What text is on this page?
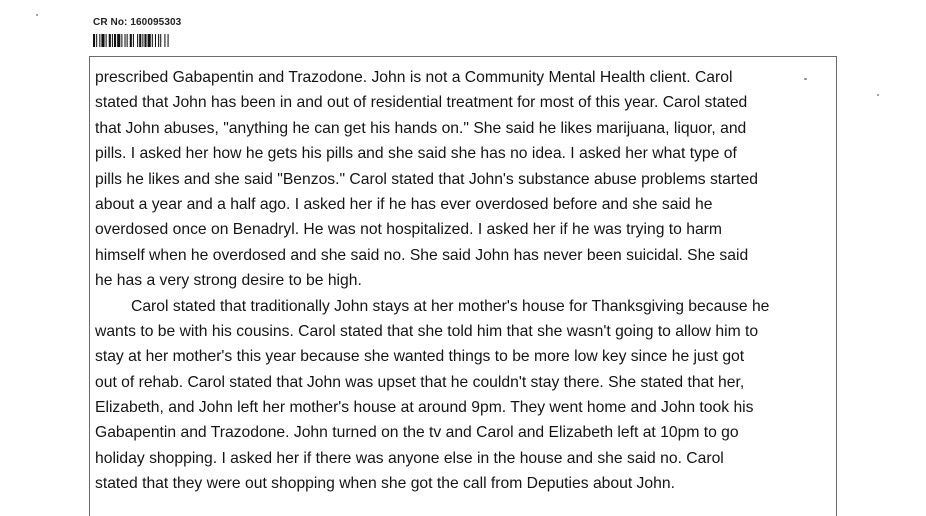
CR No: 160095303
prescribed Gabapentin and Trazodone. John is not a Community Mental Health client. Carol
stated that John has been in and out of residential treatment for most of this year. Carol stated
that John abuses, "anything he can get his hands on." She said he likes marijuana, liquor, and
pills. I asked her how he gets his pills and she said she has no idea. I asked her what type of
pills he likes and she said "Benzos." Carol stated that John's substance abuse problems started
about a year and a half ago. I asked her if he has ever overdosed before and she said he
overdosed once on Benadryl. He was not hospitalized. I asked her if he was trying to harm
himself when he overdosed and she said no. She said John has never been suicidal. She said
he has a very strong desire to be high.
Carol stated that traditionally John stays at her mother's house for Thanksgiving because he
wants to be with his cousins. Carol stated that she told him that she wasn't going to allow him to
stay at her mother's this year because she wanted things to be more low key since he just got
out of rehab. Carol stated that John was upset that he couldn't stay there. She stated that her,
Elizabeth, and John left her mother's house at around 9pm. They went home and John took his
Gabapentin and Trazodone. John turned on the tv and Carol and Elizabeth left at 10pm to go
holiday shopping. I asked her if there was anyone else in the house and she said no. Carol
stated that they were out shopping when she got the call from Deputies about John.
